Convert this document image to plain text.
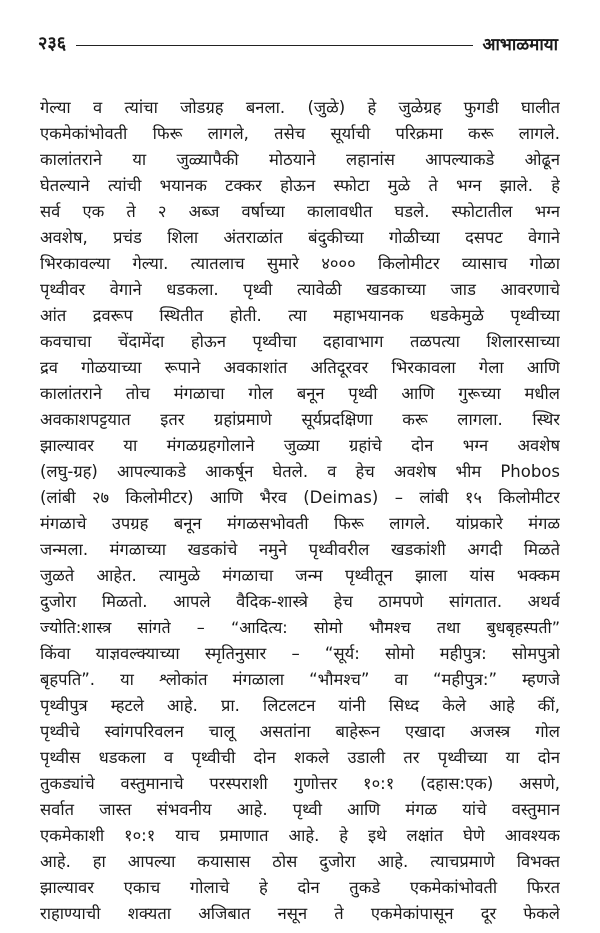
२३६	आभाळमाया
गेल्या व त्यांचा जोडग्रह बनला. (जुळे) हे जुळेग्रह फुगडी घालीत
एकमेकांभोवती फिरू लागले, तसेच सूर्याची परिक्रमा करू लागले.
कालांतराने या जुळ्यापैकी मोठयाने लहानांस आपल्याकडे ओढून
घेतल्याने त्यांची भयानक टक्कर होऊन स्फोटा मुळे ते भग्न झाले. हे
सर्व एक ते २ अब्ज वर्षाच्या कालावधीत घडले. स्फोटातील भग्न
अवशेष, प्रचंड शिला अंतराळांत बंदुकीच्या गोळीच्या दसपट वेगाने
भिरकावल्या गेल्या. त्यातलाच सुमारे ४००० किलोमीटर व्यासाच गोळा
पृथ्वीवर वेगाने धडकला. पृथ्वी त्यावेळी खडकाच्या जाड आवरणाचे
आंत द्रवरूप स्थितीत होती. त्या महाभयानक धडकेमुळे पृथ्वीच्या
कवचाचा चेंदामेंदा होऊन पृथ्वीचा दहावाभाग तळपत्या शिलारसाच्या
द्रव गोळयाच्या रूपाने अवकाशांत अतिदूरवर भिरकावला गेला आणि
कालांतराने तोच मंगळाचा गोल बनून पृथ्वी आणि गुरूच्या मधील
अवकाशपट्टयात इतर ग्रहांप्रमाणे सूर्यप्रदक्षिणा करू लागला. स्थिर
झाल्यावर या मंगळग्रहगोलाने जुळ्या ग्रहांचे दोन भग्न अवशेष
(लघु-ग्रह) आपल्याकडे आकर्षून घेतले. व हेच अवशेष भीम Phobos
(लांबी २७ किलोमीटर) आणि भैरव (Deimas) – लांबी १५ किलोमीटर
मंगळाचे उपग्रह बनून मंगळसभोवती फिरू लागले. यांप्रकारे मंगळ
जन्मला. मंगळाच्या खडकांचे नमुने पृथ्वीवरील खडकांशी अगदी मिळते
जुळते आहेत. त्यामुळे मंगळाचा जन्म पृथ्वीतून झाला यांस भक्कम
दुजोरा मिळतो. आपले वैदिक-शास्त्रे हेच ठामपणे सांगतात. अथर्व
ज्योति:शास्त्र सांगते – “आदित्य: सोमो भौमश्च तथा बुधबृहस्पती”
किंवा याज्ञवल्क्याच्या स्मृतिनुसार – “सूर्य: सोमो महीपुत्र: सोमपुत्रो
बृहपति”. या श्लोकांत मंगळाला “भौमश्च” वा “महीपुत्र:” म्हणजे
पृथ्वीपुत्र म्हटले आहे. प्रा. लिटलटन यांनी सिध्द केले आहे कीं,
पृथ्वीचे स्वांगपरिवलन चालू असतांना बाहेरून एखादा अजस्त्र गोल
पृथ्वीस धडकला व पृथ्वीची दोन शकले उडाली तर पृथ्वीच्या या दोन
तुकड्यांचे वस्तुमानाचे परस्पराशी गुणोत्तर १०:१ (दहास:एक) असणे,
सर्वात जास्त संभवनीय आहे. पृथ्वी आणि मंगळ यांचे वस्तुमान
एकमेकाशी १०:१ याच प्रमाणात आहे. हे इथे लक्षांत घेणे आवश्यक
आहे. हा आपल्या कयासास ठोस दुजोरा आहे. त्याचप्रमाणे विभक्त
झाल्यावर एकाच गोलाचे हे दोन तुकडे एकमेकांभोवती फिरत
राहाण्याची शक्यता अजिबात नसून ते एकमेकांपासून दूर फेकले
